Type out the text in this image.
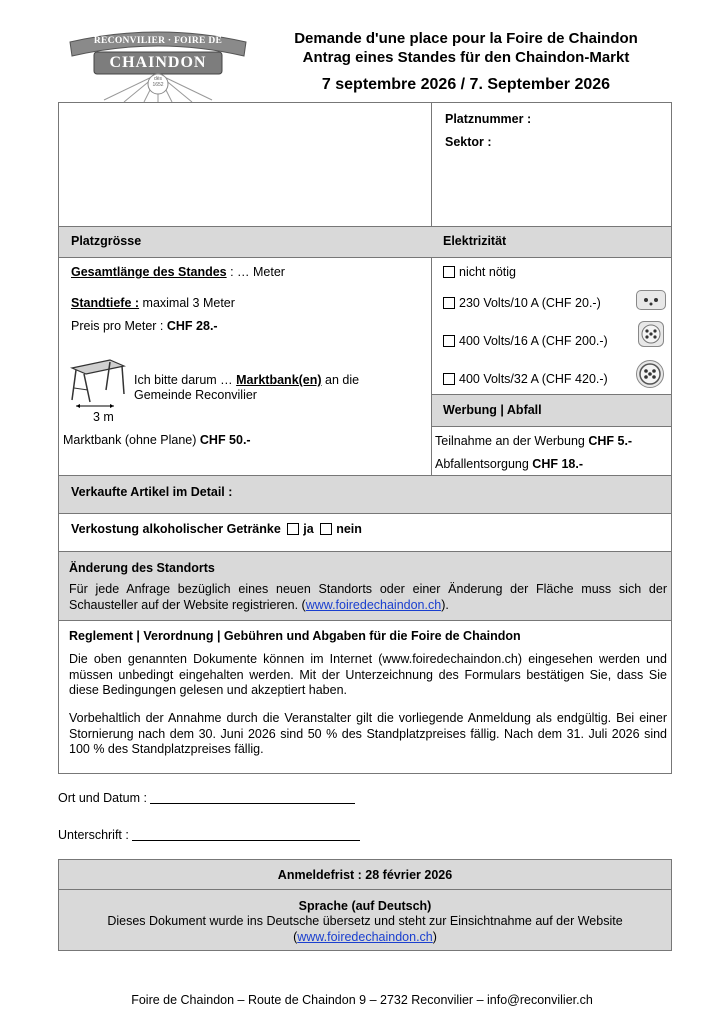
RECONVILIER · FOIRE DE
CHAINDON
dès
1652
Demande d'une place pour la Foire de Chaindon
Antrag eines Standes für den Chaindon-Markt
7 septembre 2026 / 7. September 2026
Platznummer :
Sektor :
Platzgrösse	Elektrizität
Gesamtlänge des Standes : … Meter
Standtiefe : maximal 3 Meter
Preis pro Meter : CHF 28.-
3 m
Ich bitte darum … Marktbank(en) an die
Gemeinde Reconvilier
Marktbank (ohne Plane) CHF 50.-
nicht nötig
230 Volts/10 A (CHF 20.-)
400 Volts/16 A (CHF 200.-)
400 Volts/32 A (CHF 420.-)
Werbung | Abfall
Teilnahme an der Werbung CHF 5.-
Abfallentsorgung CHF 18.-
Verkaufte Artikel im Detail :
Verkostung alkoholischer Getränke ja nein
Änderung des Standorts
Für jede Anfrage bezüglich eines neuen Standorts oder einer Änderung der Fläche muss sich der Schausteller auf der Website registrieren. (www.foiredechaindon.ch).
Reglement | Verordnung | Gebühren und Abgaben für die Foire de Chaindon
Die oben genannten Dokumente können im Internet (www.foiredechaindon.ch) eingesehen werden und müssen unbedingt eingehalten werden. Mit der Unterzeichnung des Formulars bestätigen Sie, dass Sie diese Bedingungen gelesen und akzeptiert haben.
Vorbehaltlich der Annahme durch die Veranstalter gilt die vorliegende Anmeldung als endgültig. Bei einer Stornierung nach dem 30. Juni 2026 sind 50 % des Standplatzpreises fällig. Nach dem 31. Juli 2026 sind 100 % des Standplatzpreises fällig.
Ort und Datum :
Unterschrift :
Anmeldefrist : 28 février 2026
Sprache (auf Deutsch)
Dieses Dokument wurde ins Deutsche übersetz und steht zur Einsichtnahme auf der Website
(www.foiredechaindon.ch)
Foire de Chaindon – Route de Chaindon 9 – 2732 Reconvilier – info@reconvilier.ch
